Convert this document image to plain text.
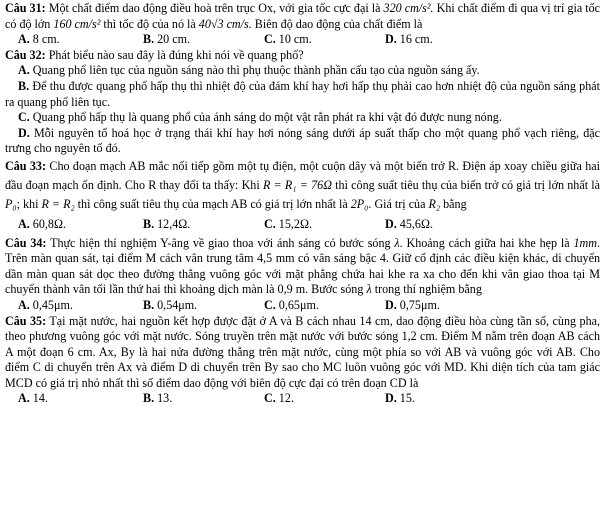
Câu 31: Một chất điểm dao động điều hoà trên trục Ox, với gia tốc cực đại là 320 cm/s². Khi chất điểm đi qua vị trí gia tốc có độ lớn 160 cm/s² thì tốc độ của nó là 40√3 cm/s. Biên độ dao động của chất điểm là

A. 8 cm.	B. 20 cm.	C. 10 cm.	D. 16 cm.

Câu 32: Phát biểu nào sau đây là đúng khi nói về quang phổ?

A. Quang phổ liên tục của nguồn sáng nào thì phụ thuộc thành phần cấu tạo của nguồn sáng ấy.

B. Để thu được quang phổ hấp thụ thì nhiệt độ của đám khí hay hơi hấp thụ phải cao hơn nhiệt độ của nguồn sáng phát ra quang phổ liên tục.

C. Quang phổ hấp thụ là quang phổ của ánh sáng do một vật rắn phát ra khi vật đó được nung nóng.

D. Mỗi nguyên tố hoá học ở trạng thái khí hay hơi nóng sáng dưới áp suất thấp cho một quang phổ vạch riêng, đặc trưng cho nguyên tố đó.

Câu 33: Cho đoạn mạch AB mắc nối tiếp gồm một tụ điện, một cuộn dây và một biến trở R. Điện áp xoay chiều giữa hai đầu đoạn mạch ổn định. Cho R thay đổi ta thấy: Khi R = R₁ = 76Ω thì công suất tiêu thụ của biến trở có giá trị lớn nhất là P₀; khi R = R₂ thì công suất tiêu thụ của mạch AB có giá trị lớn nhất là 2P₀. Giá trị của R₂ bằng

A. 60,8Ω.	B. 12,4Ω.	C. 15,2Ω.	D. 45,6Ω.

Câu 34: Thực hiện thí nghiệm Y-âng về giao thoa với ánh sáng có bước sóng λ. Khoảng cách giữa hai khe hẹp là 1mm. Trên màn quan sát, tại điểm M cách vân trung tâm 4,5 mm có vân sáng bậc 4. Giữ cố định các điều kiện khác, di chuyển dần màn quan sát dọc theo đường thẳng vuông góc với mặt phẳng chứa hai khe ra xa cho đến khi vân giao thoa tại M chuyển thành vân tối lần thứ hai thì khoảng dịch màn là 0,9 m. Bước sóng λ trong thí nghiệm bằng

A. 0,45μm.	B. 0,54μm.	C. 0,65μm.	D. 0,75μm.

Câu 35: Tại mặt nước, hai nguồn kết hợp được đặt ở A và B cách nhau 14 cm, dao động điều hòa cùng tần số, cùng pha, theo phương vuông góc với mặt nước. Sóng truyền trên mặt nước với bước sóng 1,2 cm. Điểm M nằm trên đoạn AB cách A một đoạn 6 cm. Ax, By là hai nửa đường thẳng trên mặt nước, cùng một phía so với AB và vuông góc với AB. Cho điểm C di chuyển trên Ax và điểm D di chuyển trên By sao cho MC luôn vuông góc với MD. Khi diện tích của tam giác MCD có giá trị nhỏ nhất thì số điểm dao động với biên độ cực đại có trên đoạn CD là

A. 14.	B. 13.	C. 12.	D. 15.
